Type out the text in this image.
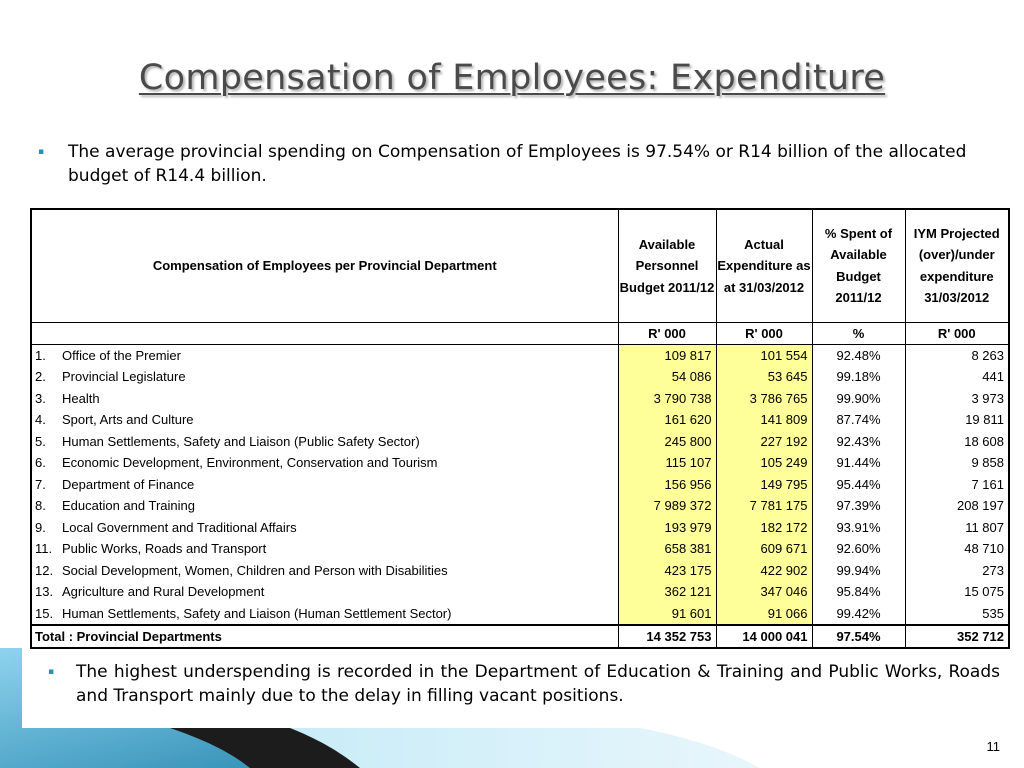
Compensation of Employees: Expenditure
▪ The average provincial spending on Compensation of Employees is 97.54% or R14 billion of the allocated budget of R14.4 billion.
Compensation of Employees per Provincial Department	Available Personnel Budget 2011/12	Actual Expenditure as at 31/03/2012	% Spent of Available Budget 2011/12	IYM Projected (over)/under expenditure 31/03/2012
	R' 000	R' 000	%	R' 000
1. Office of the Premier	109 817	101 554	92.48%	8 263
2. Provincial Legislature	54 086	53 645	99.18%	441
3. Health	3 790 738	3 786 765	99.90%	3 973
4. Sport, Arts and Culture	161 620	141 809	87.74%	19 811
5. Human Settlements, Safety and Liaison (Public Safety Sector)	245 800	227 192	92.43%	18 608
6. Economic Development, Environment, Conservation and Tourism	115 107	105 249	91.44%	9 858
7. Department of Finance	156 956	149 795	95.44%	7 161
8. Education and Training	7 989 372	7 781 175	97.39%	208 197
9. Local Government and Traditional Affairs	193 979	182 172	93.91%	11 807
11. Public Works, Roads and Transport	658 381	609 671	92.60%	48 710
12. Social Development, Women, Children and Person with Disabilities	423 175	422 902	99.94%	273
13. Agriculture and Rural Development	362 121	347 046	95.84%	15 075
15. Human Settlements, Safety and Liaison (Human Settlement Sector)	91 601	91 066	99.42%	535
Total : Provincial Departments	14 352 753	14 000 041	97.54%	352 712
▪ The highest underspending is recorded in the Department of Education & Training and Public Works, Roads and Transport mainly due to the delay in filling vacant positions.
11
